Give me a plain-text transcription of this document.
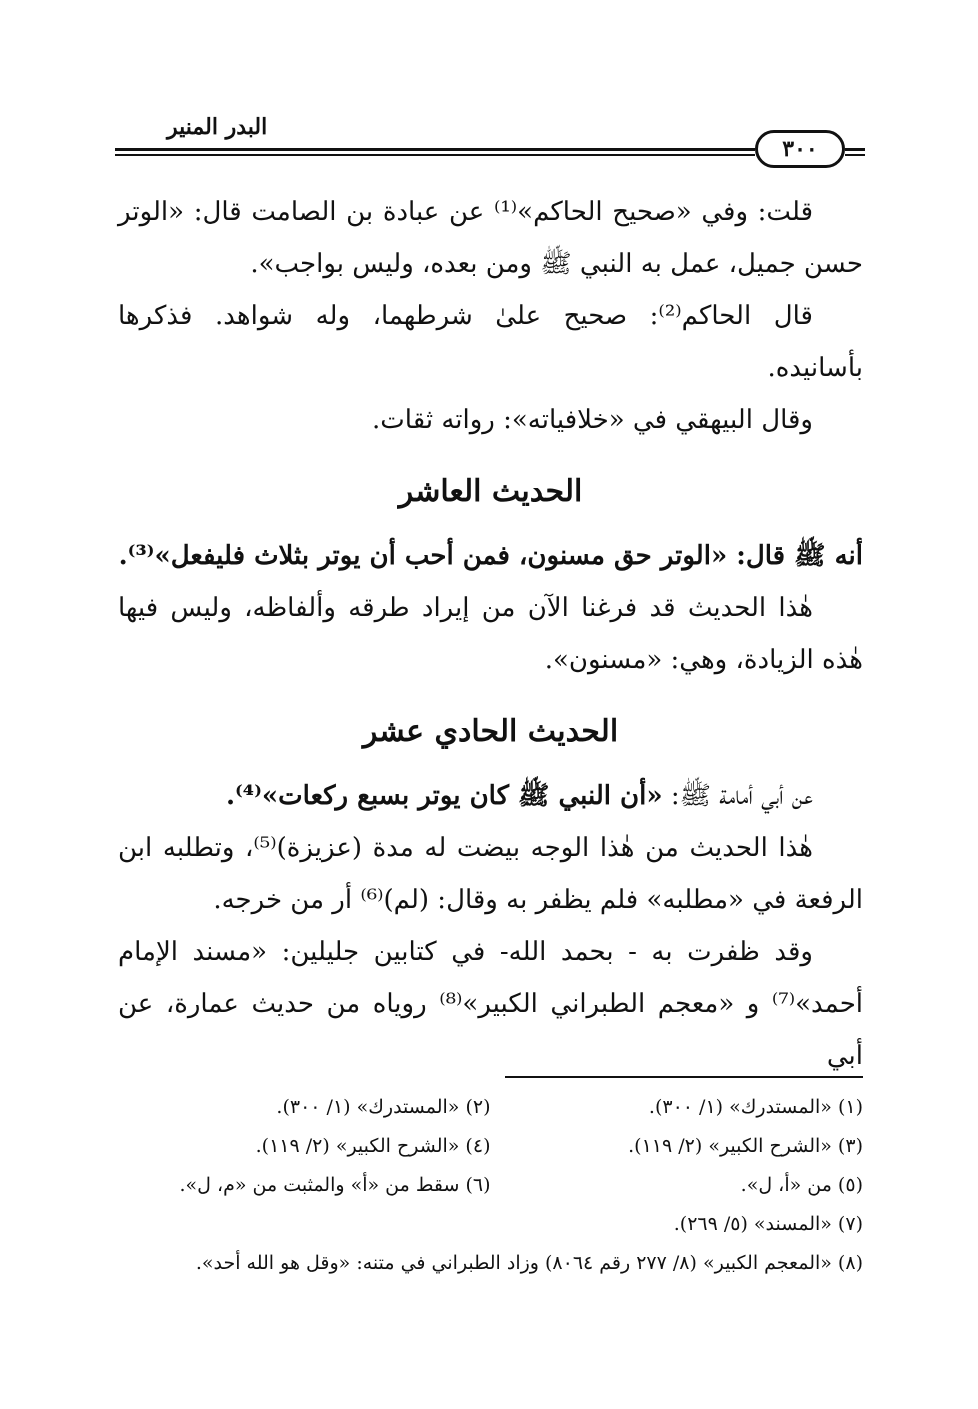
البدر المنير
٣٠٠

قلت: وفي «صحيح الحاكم»⁽¹⁾ عن عبادة بن الصامت قال: «الوتر حسن جميل، عمل به النبي ﷺ ومن بعده، وليس بواجب».

قال الحاكم⁽²⁾: صحيح علىٰ شرطهما، وله شواهد. فذكرها بأسانيده.

وقال البيهقي في «خلافياته»: رواته ثقات.

الحديث العاشر

أنه ﷺ قال: «الوتر حق مسنون، فمن أحب أن يوتر بثلاث فليفعل»⁽³⁾.

هٰذا الحديث قد فرغنا الآن من إيراد طرقه وألفاظه، وليس فيها هٰذه الزيادة، وهي: «مسنون».

الحديث الحادي عشر

عن أبي أمامة ﷺ: «أن النبي ﷺ كان يوتر بسبع ركعات»⁽⁴⁾.

هٰذا الحديث من هٰذا الوجه بيضت له مدة (عزيزة)⁽⁵⁾، وتطلبه ابن الرفعة في «مطلبه» فلم يظفر به وقال: (لم)⁽⁶⁾ أر من خرجه.

وقد ظفرت به - بحمد الله- في كتابين جليلين: «مسند الإمام أحمد»⁽⁷⁾ و «معجم الطبراني الكبير»⁽⁸⁾ روياه من حديث عمارة، عن أبي

(١) «المستدرك» (١/ ٣٠٠).
(٢) «المستدرك» (١/ ٣٠٠).
(٣) «الشرح الكبير» (٢/ ١١٩).
(٤) «الشرح الكبير» (٢/ ١١٩).
(٥) من «أ، ل».
(٦) سقط من «أ» والمثبت من «م، ل».
(٧) «المسند» (٥/ ٢٦٩).
(٨) «المعجم الكبير» (٨/ ٢٧٧ رقم ٨٠٦٤) وزاد الطبراني في متنه: «وقل هو الله أحد».
